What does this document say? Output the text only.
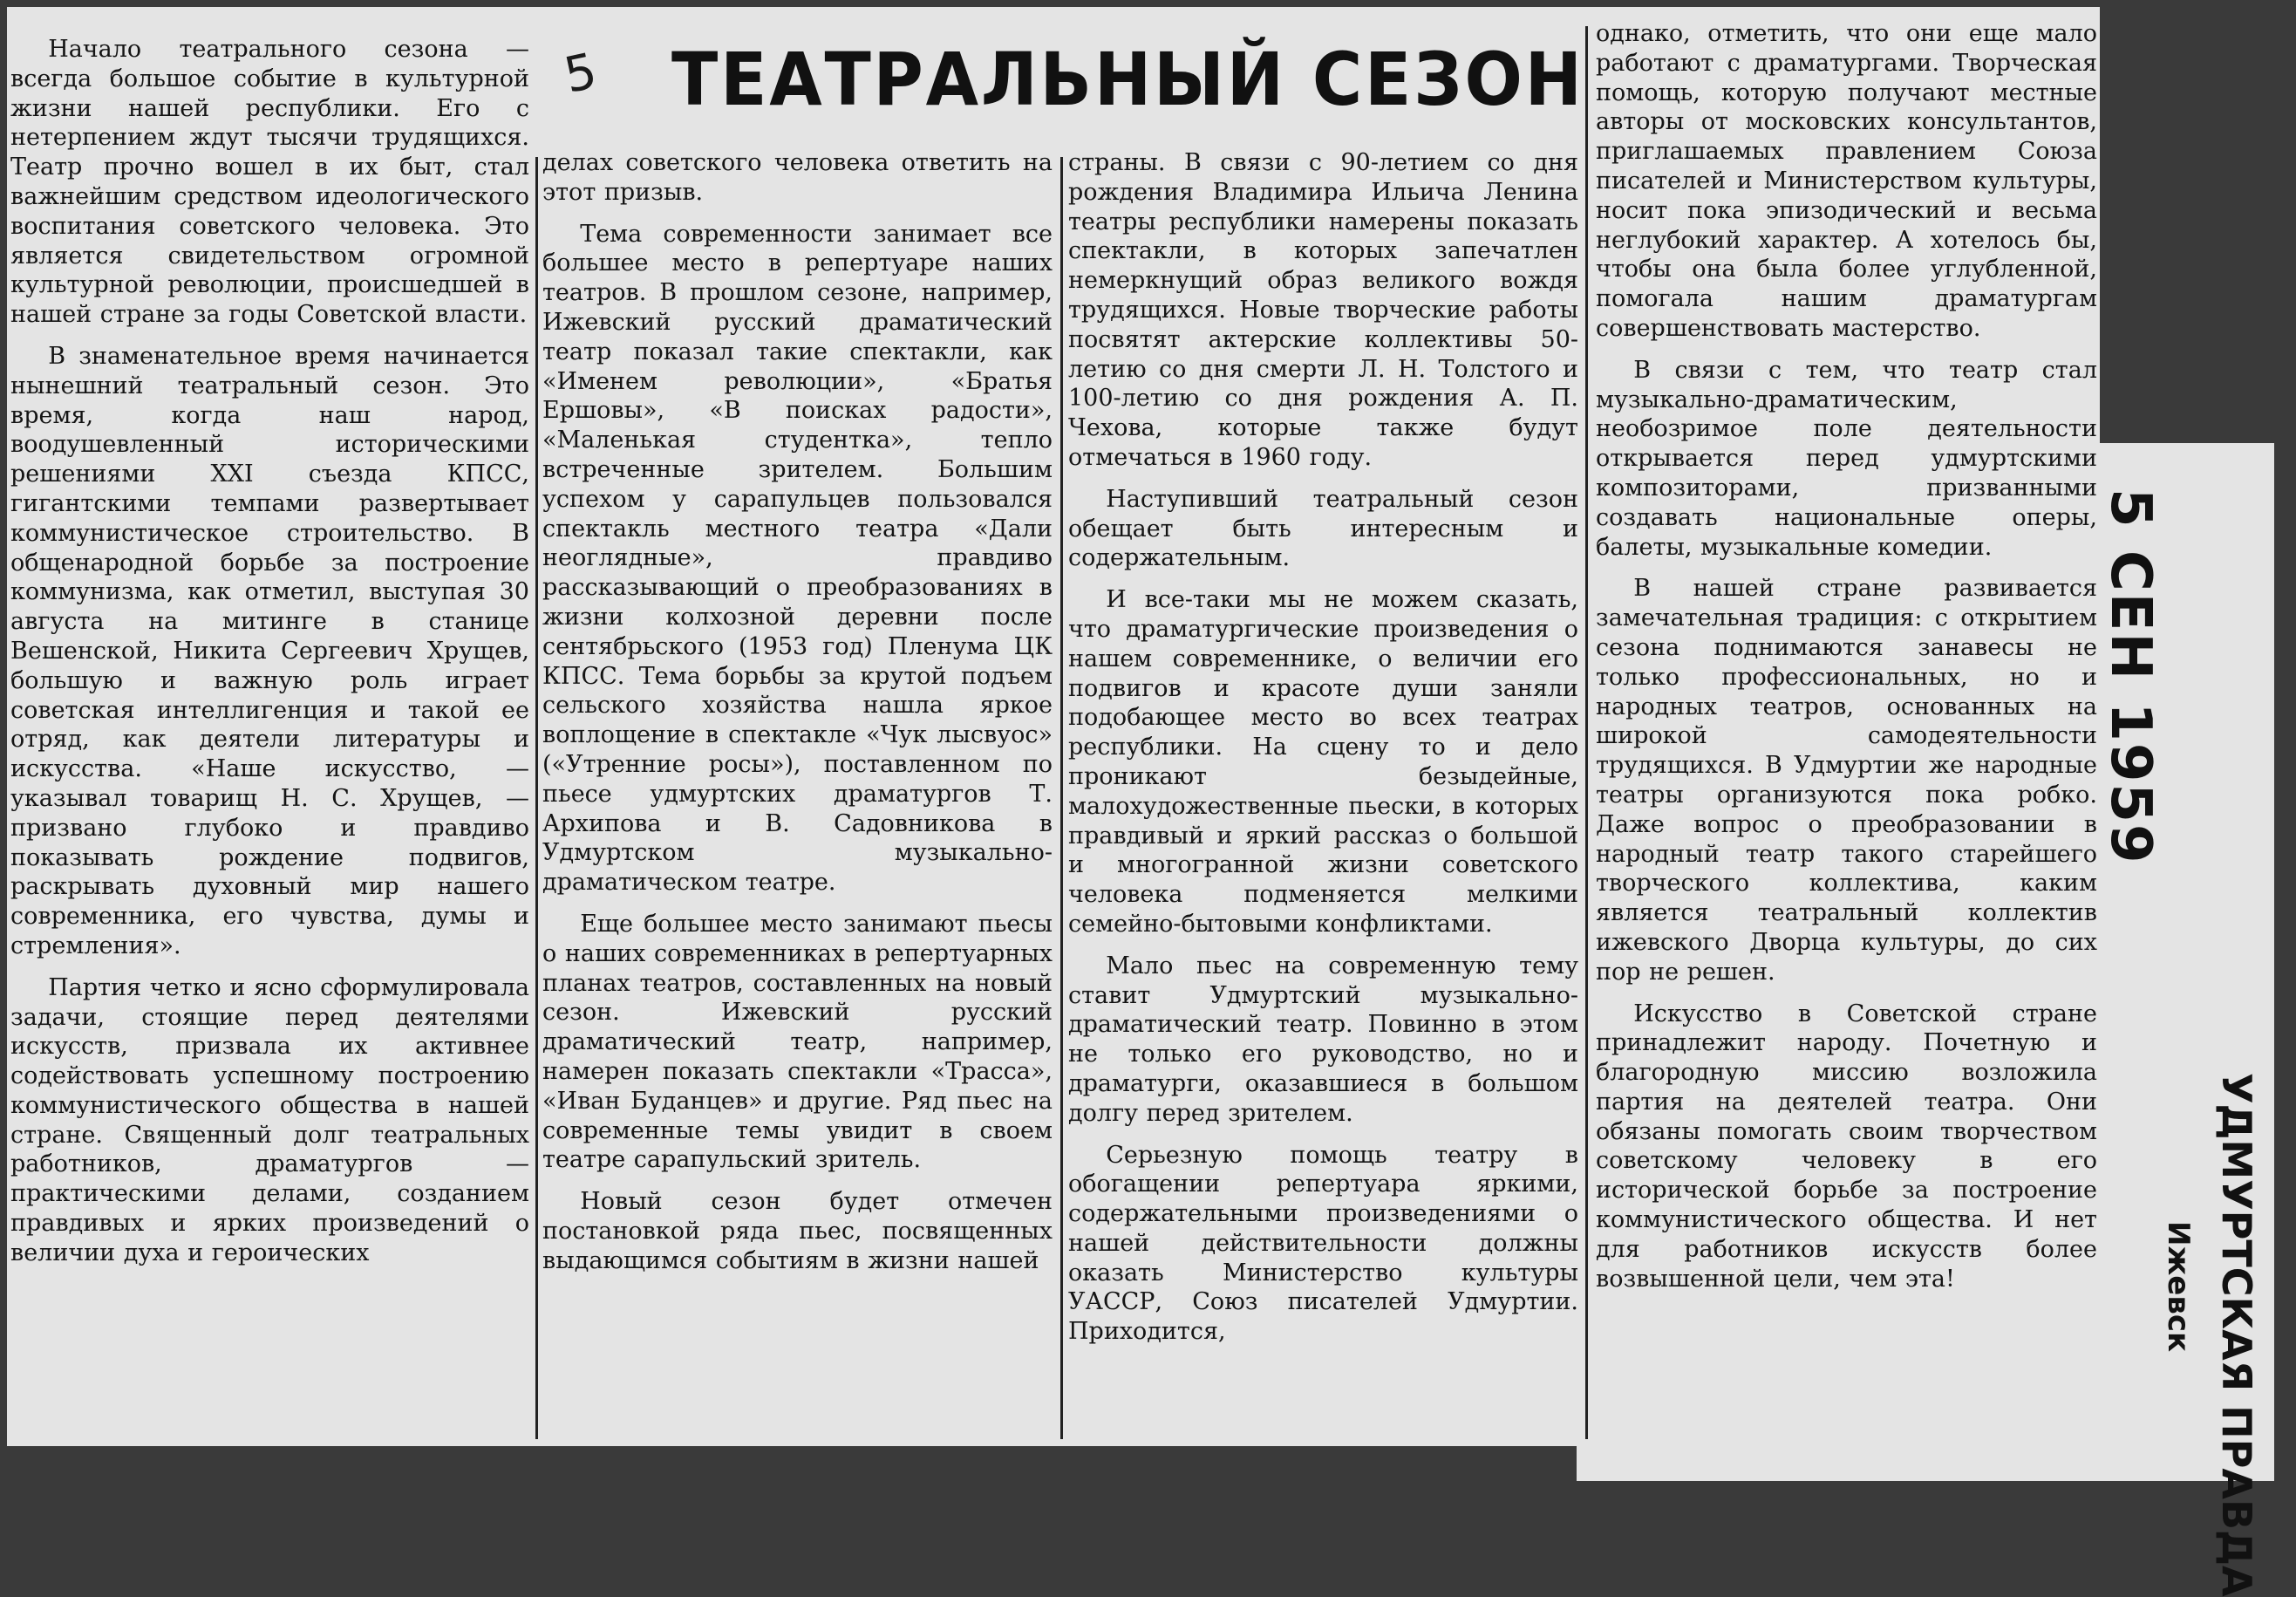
5 ТЕАТРАЛЬНЫЙ СЕЗОН

Начало театрального сезона — всегда большое событие в культурной жизни нашей республики. Его с нетерпением ждут тысячи трудящихся. Театр прочно вошел в их быт, стал важнейшим средством идеологического воспитания советского человека. Это является свидетельством огромной культурной революции, происшедшей в нашей стране за годы Советской власти.

В знаменательное время начинается нынешний театральный сезон. Это время, когда наш народ, воодушевленный историческими решениями XXI съезда КПСС, гигантскими темпами развертывает коммунистическое строительство. В общенародной борьбе за построение коммунизма, как отметил, выступая 30 августа на митинге в станице Вешенской, Никита Сергеевич Хрущев, большую и важную роль играет советская интеллигенция и такой ее отряд, как деятели литературы и искусства. «Наше искусство, — указывал товарищ Н. С. Хрущев, — призвано глубоко и правдиво показывать рождение подвигов, раскрывать духовный мир нашего современника, его чувства, думы и стремления».

Партия четко и ясно сформулировала задачи, стоящие перед деятелями искусств, призвала их активнее содействовать успешному построению коммунистического общества в нашей стране. Священный долг театральных работников, драматургов — практическими делами, созданием правдивых и ярких произведений о величии духа и героических

делах советского человека ответить на этот призыв.

Тема современности занимает все большее место в репертуаре наших театров. В прошлом сезоне, например, Ижевский русский драматический театр показал такие спектакли, как «Именем революции», «Братья Ершовы», «В поисках радости», «Маленькая студентка», тепло встреченные зрителем. Большим успехом у сарапульцев пользовался спектакль местного театра «Дали неоглядные», правдиво рассказывающий о преобразованиях в жизни колхозной деревни после сентябрьского (1953 год) Пленума ЦК КПСС. Тема борьбы за крутой подъем сельского хозяйства нашла яркое воплощение в спектакле «Чук лысвуос» («Утренние росы»), поставленном по пьесе удмуртских драматургов Т. Архипова и В. Садовникова в Удмуртском музыкально-драматическом театре.

Еще большее место занимают пьесы о наших современниках в репертуарных планах театров, составленных на новый сезон. Ижевский русский драматический театр, например, намерен показать спектакли «Трасса», «Иван Буданцев» и другие. Ряд пьес на современные темы увидит в своем театре сарапульский зритель.

Новый сезон будет отмечен постановкой ряда пьес, посвященных выдающимся событиям в жизни нашей

страны. В связи с 90-летием со дня рождения Владимира Ильича Ленина театры республики намерены показать спектакли, в которых запечатлен немеркнущий образ великого вождя трудящихся. Новые творческие работы посвятят актерские коллективы 50-летию со дня смерти Л. Н. Толстого и 100-летию со дня рождения А. П. Чехова, которые также будут отмечаться в 1960 году.

Наступивший театральный сезон обещает быть интересным и содержательным.

И все-таки мы не можем сказать, что драматургические произведения о нашем современнике, о величии его подвигов и красоте души заняли подобающее место во всех театрах республики. На сцену то и дело проникают безыдейные, малохудожественные пьески, в которых правдивый и яркий рассказ о большой и многогранной жизни советского человека подменяется мелкими семейно-бытовыми конфликтами.

Мало пьес на современную тему ставит Удмуртский музыкально-драматический театр. Повинно в этом не только его руководство, но и драматурги, оказавшиеся в большом долгу перед зрителем.

Серьезную помощь театру в обогащении репертуара яркими, содержательными произведениями о нашей действительности должны оказать Министерство культуры УАССР, Союз писателей Удмуртии. Приходится,

однако, отметить, что они еще мало работают с драматургами. Творческая помощь, которую получают местные авторы от московских консультантов, приглашаемых правлением Союза писателей и Министерством культуры, носит пока эпизодический и весьма неглубокий характер. А хотелось бы, чтобы она была более углубленной, помогала нашим драматургам совершенствовать мастерство.

В связи с тем, что театр стал музыкально-драматическим, необозримое поле деятельности открывается перед удмуртскими композиторами, призванными создавать национальные оперы, балеты, музыкальные комедии.

В нашей стране развивается замечательная традиция: с открытием сезона поднимаются занавесы не только профессиональных, но и народных театров, основанных на широкой самодеятельности трудящихся. В Удмуртии же народные театры организуются пока робко. Даже вопрос о преобразовании в народный театр такого старейшего творческого коллектива, каким является театральный коллектив ижевского Дворца культуры, до сих пор не решен.

Искусство в Советской стране принадлежит народу. Почетную и благородную миссию возложила партия на деятелей театра. Они обязаны помогать своим творчеством советскому человеку в его исторической борьбе за построение коммунистического общества. И нет для работников искусств более возвышенной цели, чем эта!

5 СЕН 1959
УДМУРТСКАЯ ПРАВДА
Ижевск
